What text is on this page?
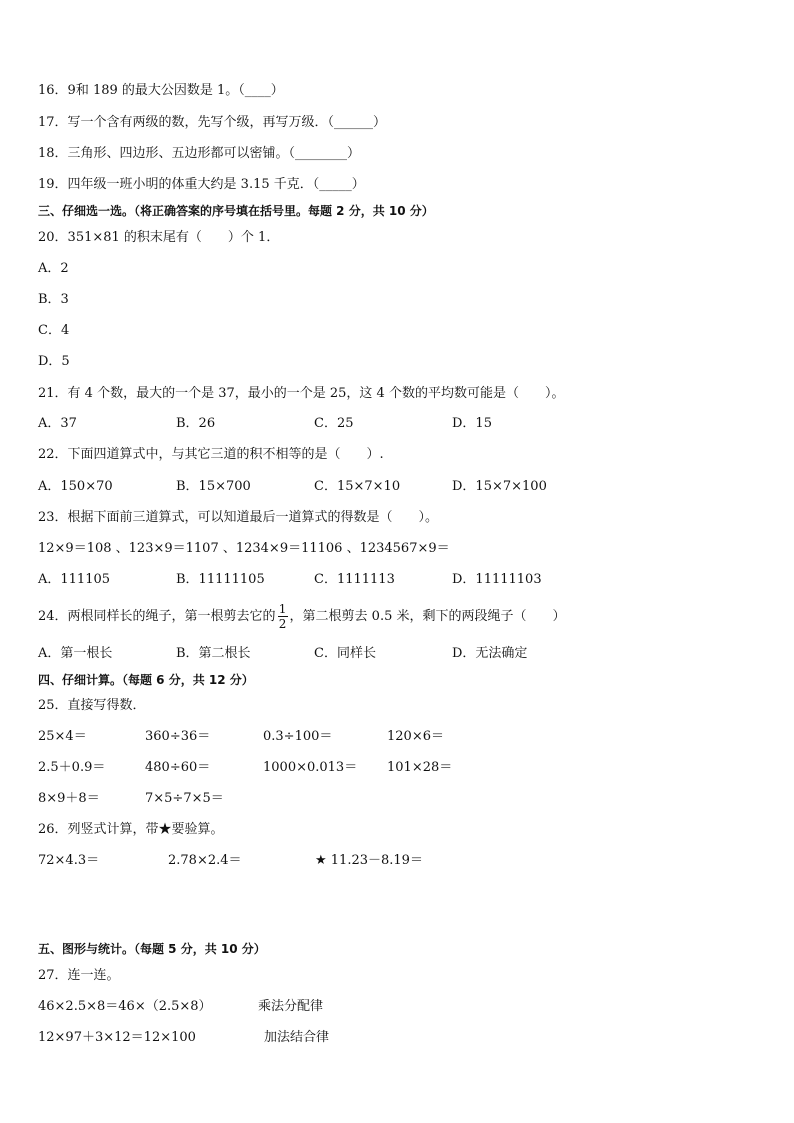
16．9和 189 的最大公因数是 1。（____）
17．写一个含有两级的数，先写个级，再写万级．（______）
18．三角形、四边形、五边形都可以密铺。（________）
19．四年级一班小明的体重大约是 3.15 千克．（_____）
三、仔细选一选。（将正确答案的序号填在括号里。每题 2 分，共 10 分）
20．351×81 的积末尾有（　　）个 1．
A．2
B．3
C．4
D．5
21．有 4 个数，最大的一个是 37，最小的一个是 25，这 4 个数的平均数可能是（　　）。
A．37	B．26	C．25	D．15
22．下面四道算式中，与其它三道的积不相等的是（　　）.
A．150×70	B．15×700	C．15×7×10	D．15×7×100
23．根据下面前三道算式，可以知道最后一道算式的得数是（　　）。
12×9＝108 、123×9＝1107 、1234×9＝11106 、1234567×9＝
A．111105	B．11111105	C．1111113	D．11111103
24．两根同样长的绳子，第一根剪去它的 $\frac{1}{2}$ ，第二根剪去 0.5 米，剩下的两段绳子（　　）
A．第一根长	B．第二根长	C．同样长	D．无法确定
四、仔细计算。（每题 6 分，共 12 分）
25．直接写得数．
25×4＝	360÷36＝	0.3÷100＝	120×6＝
2.5＋0.9＝	480÷60＝	1000×0.013＝ 101×28＝
8×9＋8＝	7×5÷7×5＝
26．列竖式计算，带★要验算。
72×4.3＝	2.78×2.4＝	★ 11.23－8.19＝
五、图形与统计。（每题 5 分，共 10 分）
27．连一连。
46×2.5×8＝46×（2.5×8）	乘法分配律
12×97＋3×12＝12×100	加法结合律
